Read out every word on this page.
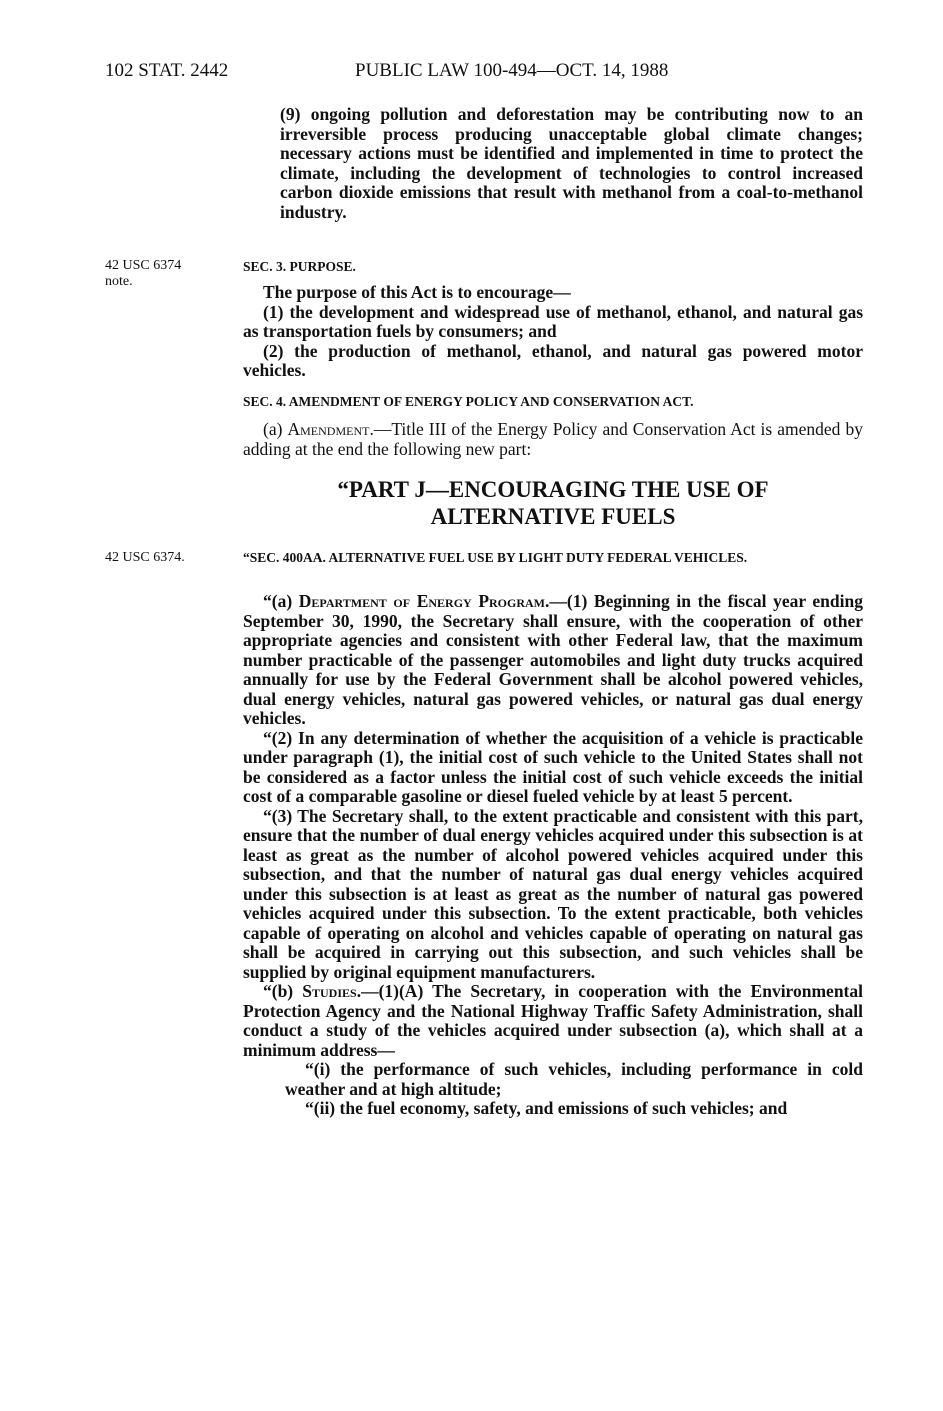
102 STAT. 2442	PUBLIC LAW 100-494—OCT. 14, 1988

(9) ongoing pollution and deforestation may be contributing now to an irreversible process producing unacceptable global climate changes; necessary actions must be identified and implemented in time to protect the climate, including the development of technologies to control increased carbon dioxide emissions that result with methanol from a coal-to-methanol industry.

42 USC 6374
note.

SEC. 3. PURPOSE.

The purpose of this Act is to encourage—
(1) the development and widespread use of methanol, ethanol, and natural gas as transportation fuels by consumers; and
(2) the production of methanol, ethanol, and natural gas powered motor vehicles.

SEC. 4. AMENDMENT OF ENERGY POLICY AND CONSERVATION ACT.

(a) Amendment.—Title III of the Energy Policy and Conservation Act is amended by adding at the end the following new part:

“PART J—ENCOURAGING THE USE OF
ALTERNATIVE FUELS
42 USC 6374.	“SEC. 400AA. ALTERNATIVE FUEL USE BY LIGHT DUTY FEDERAL VEHICLES.

“(a) Department of Energy Program.—(1) Beginning in the fiscal year ending September 30, 1990, the Secretary shall ensure, with the cooperation of other appropriate agencies and consistent with other Federal law, that the maximum number practicable of the passenger automobiles and light duty trucks acquired annually for use by the Federal Government shall be alcohol powered vehicles, dual energy vehicles, natural gas powered vehicles, or natural gas dual energy vehicles.
“(2) In any determination of whether the acquisition of a vehicle is practicable under paragraph (1), the initial cost of such vehicle to the United States shall not be considered as a factor unless the initial cost of such vehicle exceeds the initial cost of a comparable gasoline or diesel fueled vehicle by at least 5 percent.
“(3) The Secretary shall, to the extent practicable and consistent with this part, ensure that the number of dual energy vehicles acquired under this subsection is at least as great as the number of alcohol powered vehicles acquired under this subsection, and that the number of natural gas dual energy vehicles acquired under this subsection is at least as great as the number of natural gas powered vehicles acquired under this subsection. To the extent practicable, both vehicles capable of operating on alcohol and vehicles capable of operating on natural gas shall be acquired in carrying out this subsection, and such vehicles shall be supplied by original equipment manufacturers.
“(b) Studies.—(1)(A) The Secretary, in cooperation with the Environmental Protection Agency and the National Highway Traffic Safety Administration, shall conduct a study of the vehicles acquired under subsection (a), which shall at a minimum address—
“(i) the performance of such vehicles, including performance in cold weather and at high altitude;
“(ii) the fuel economy, safety, and emissions of such vehicles; and
